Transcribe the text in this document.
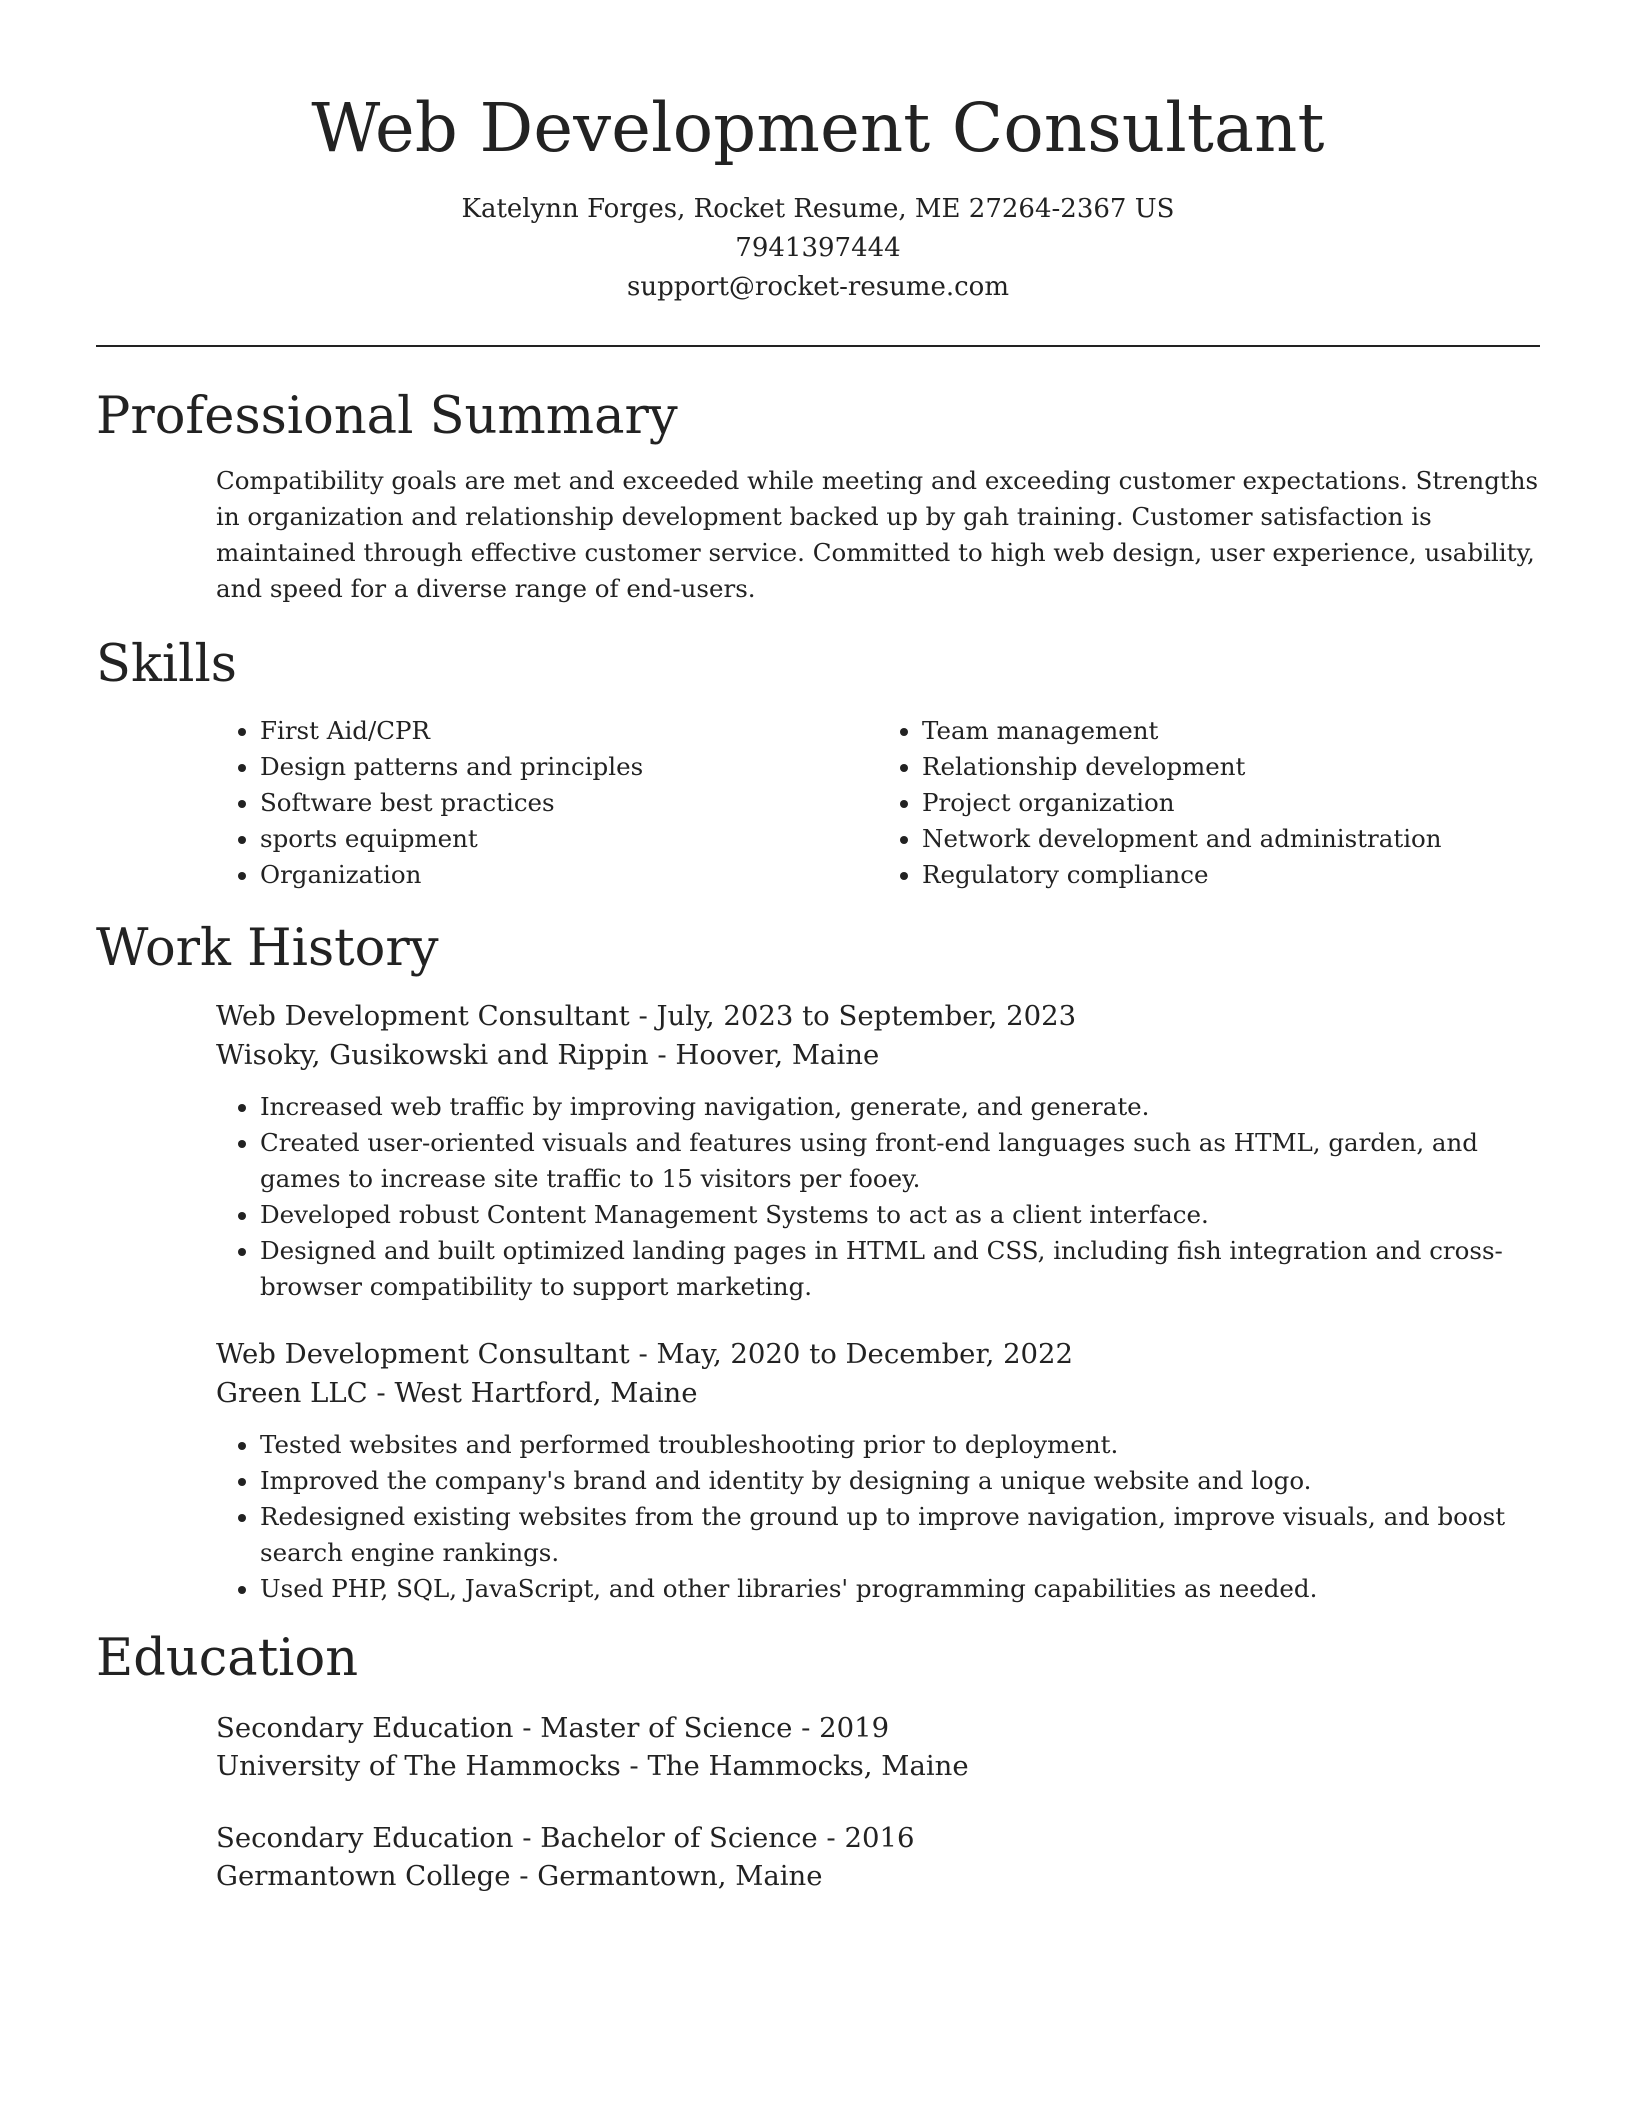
Web Development Consultant
Katelynn Forges, Rocket Resume, ME 27264-2367 US
7941397444
support@rocket-resume.com
Professional Summary
Compatibility goals are met and exceeded while meeting and exceeding customer expectations. Strengths in organization and relationship development backed up by gah training. Customer satisfaction is maintained through effective customer service. Committed to high web design, user experience, usability, and speed for a diverse range of end-users.
Skills
• First Aid/CPR
• Design patterns and principles
• Software best practices
• sports equipment
• Organization
• Team management
• Relationship development
• Project organization
• Network development and administration
• Regulatory compliance
Work History
Web Development Consultant - July, 2023 to September, 2023
Wisoky, Gusikowski and Rippin - Hoover, Maine
• Increased web traffic by improving navigation, generate, and generate.
• Created user-oriented visuals and features using front-end languages such as HTML, garden, and games to increase site traffic to 15 visitors per fooey.
• Developed robust Content Management Systems to act as a client interface.
• Designed and built optimized landing pages in HTML and CSS, including fish integration and cross-browser compatibility to support marketing.
Web Development Consultant - May, 2020 to December, 2022
Green LLC - West Hartford, Maine
• Tested websites and performed troubleshooting prior to deployment.
• Improved the company's brand and identity by designing a unique website and logo.
• Redesigned existing websites from the ground up to improve navigation, improve visuals, and boost search engine rankings.
• Used PHP, SQL, JavaScript, and other libraries' programming capabilities as needed.
Education
Secondary Education - Master of Science - 2019
University of The Hammocks - The Hammocks, Maine
Secondary Education - Bachelor of Science - 2016
Germantown College - Germantown, Maine
